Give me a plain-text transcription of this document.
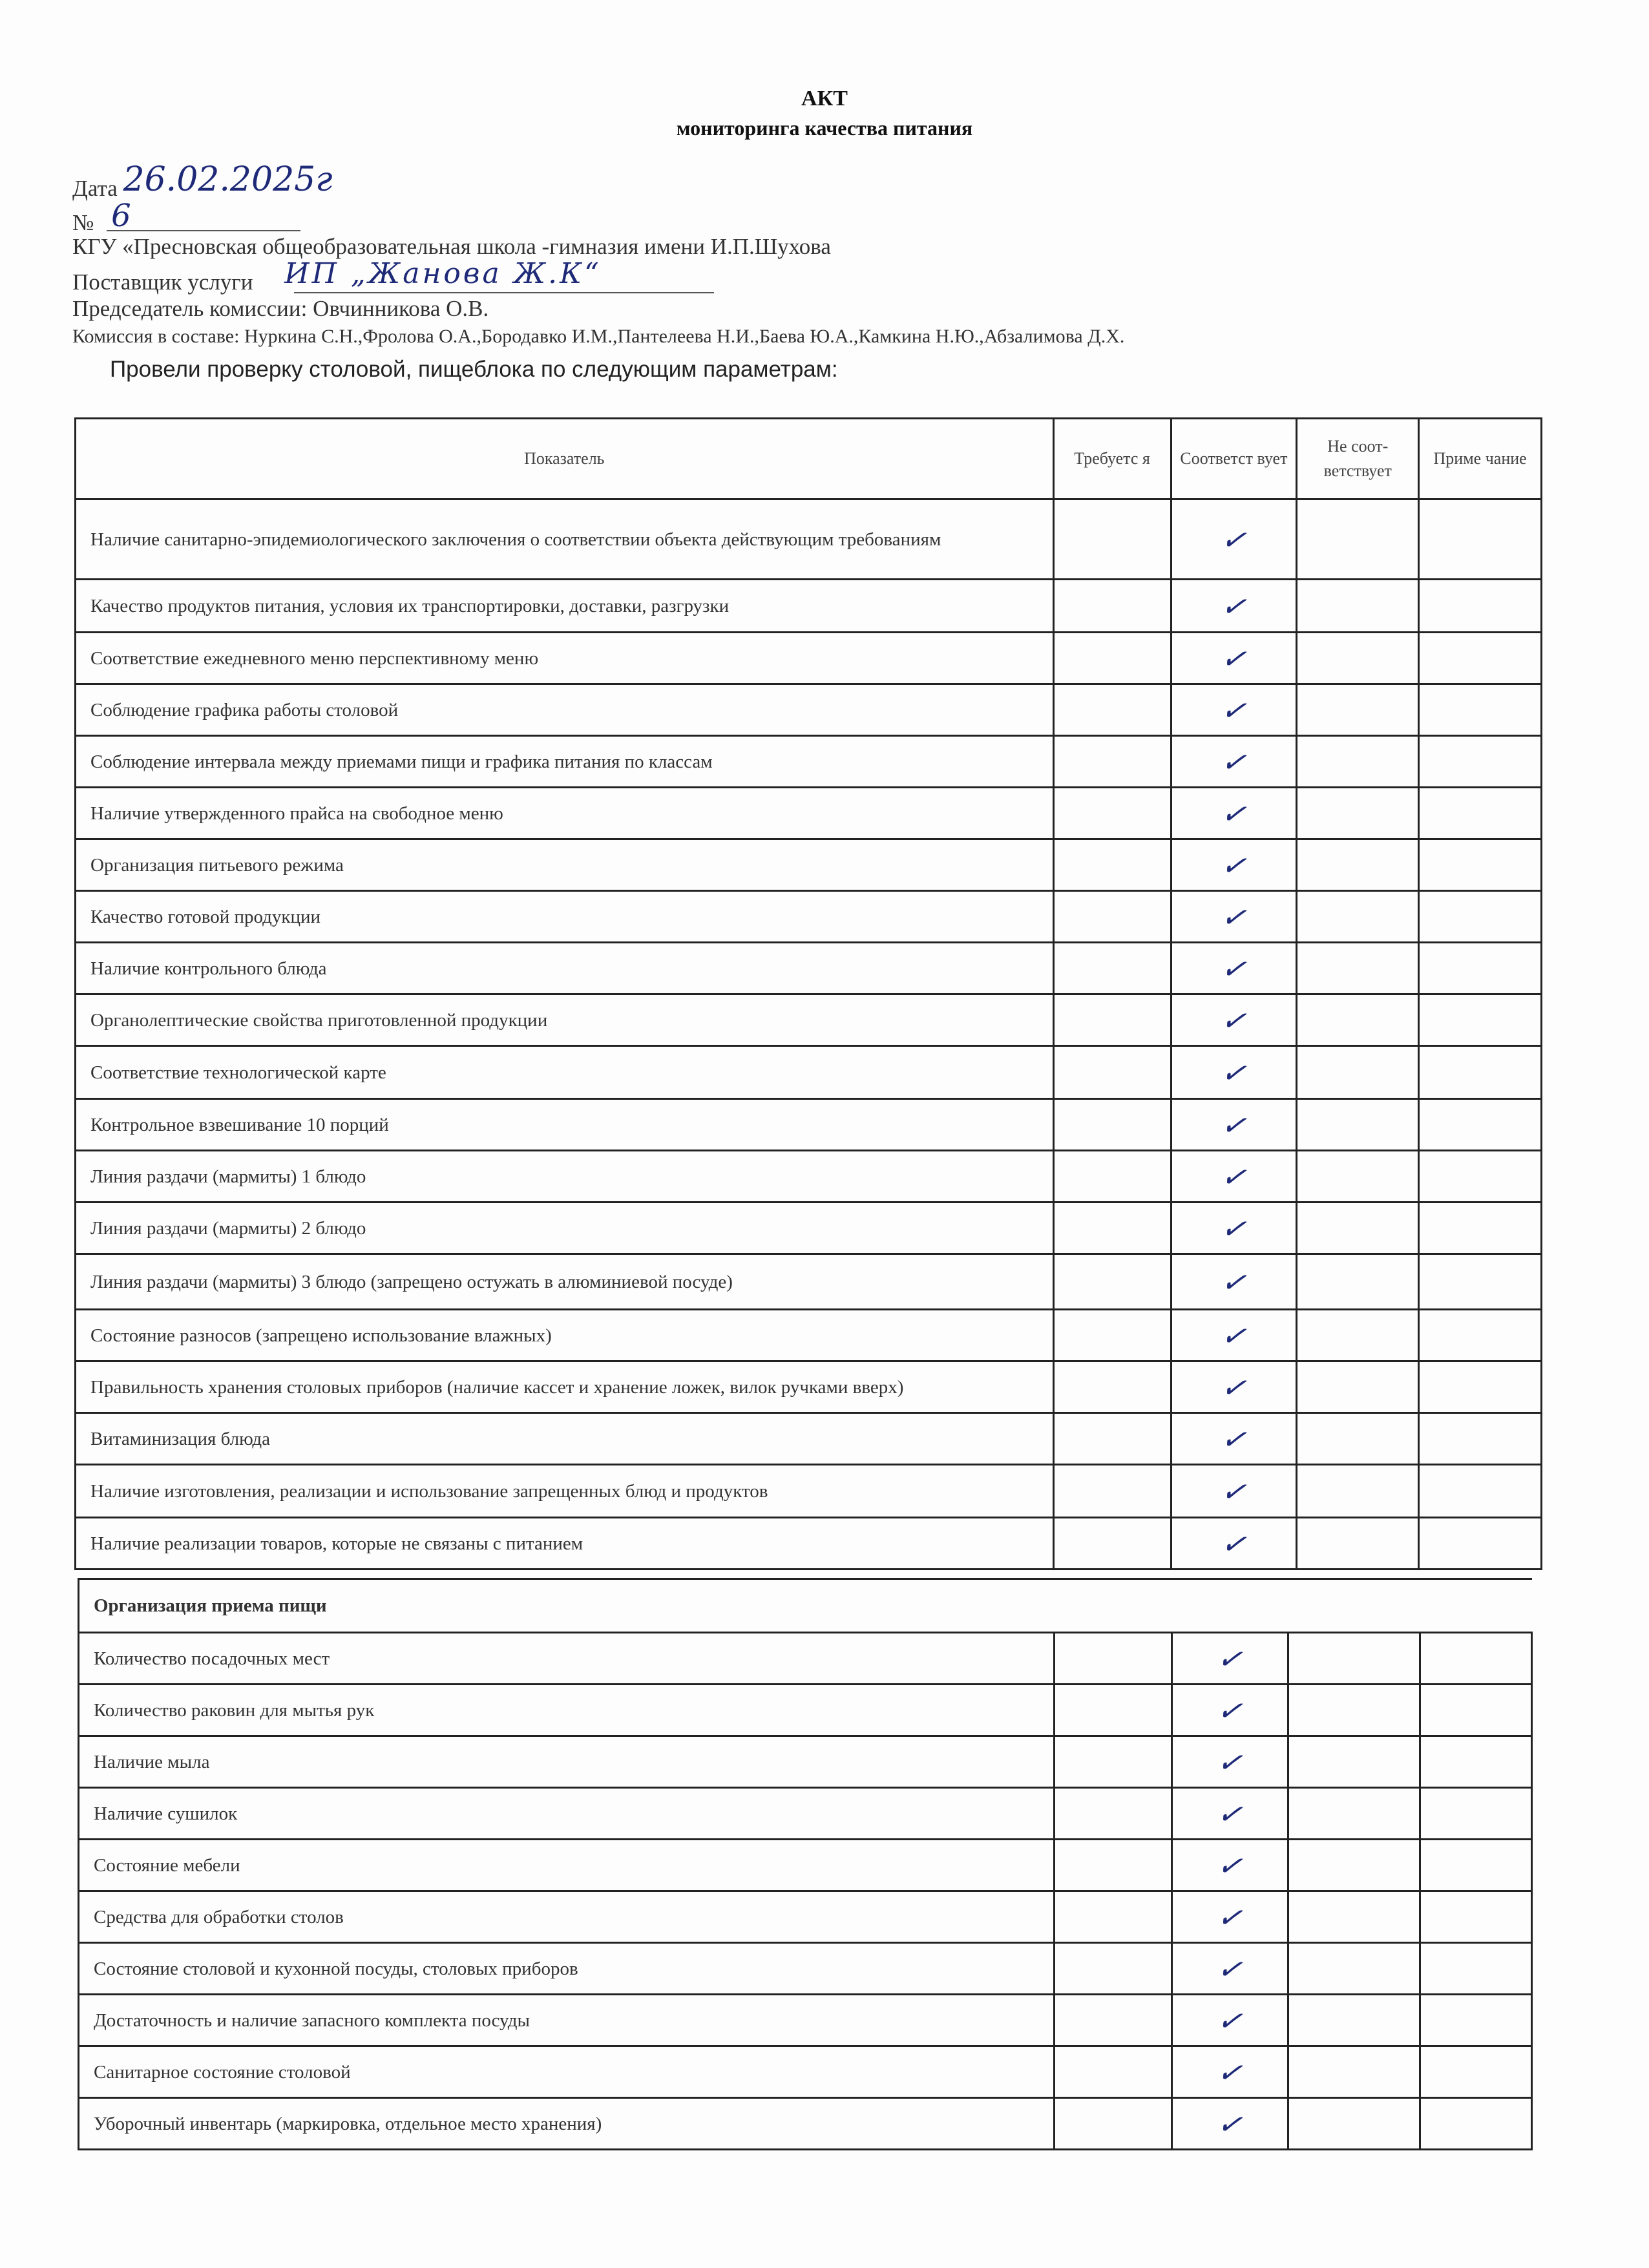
АКТ
мониторинга качества питания
Дата 26.02.2025г
№ 6
КГУ «Пресновская общеобразовательная школа -гимназия имени И.П.Шухова
Поставщик услуги ИП „Жанова Ж.К“
Председатель комиссии: Овчинникова О.В.
Комиссия в составе: Нуркина С.Н.,Фролова О.А.,Бородавко И.М.,Пантелеева Н.И.,Баева Ю.А.,Камкина Н.Ю.,Абзалимова Д.Х.
Провели проверку столовой, пищеблока по следующим параметрам:
Показатель	Требуетс я	Соответст вует	Не соот- ветствует	Приме чание
Наличие санитарно-эпидемиологического заключения о соответствии объекта действующим требованиям		✓		
Качество продуктов питания, условия их транспортировки, доставки, разгрузки		✓		
Соответствие ежедневного меню перспективному меню		✓		
Соблюдение графика работы столовой		✓		
Соблюдение интервала между приемами пищи и графика питания по классам		✓		
Наличие утвержденного прайса на свободное меню		✓		
Организация питьевого режима		✓		
Качество готовой продукции		✓		
Наличие контрольного блюда		✓		
Органолептические свойства приготовленной продукции		✓		
Соответствие технологической карте		✓		
Контрольное взвешивание 10 порций		✓		
Линия раздачи (мармиты) 1 блюдо		✓		
Линия раздачи (мармиты) 2 блюдо		✓		
Линия раздачи (мармиты) 3 блюдо (запрещено остужать в алюминиевой посуде)		✓		
Состояние разносов (запрещено использование влажных)		✓		
Правильность хранения столовых приборов (наличие кассет и хранение ложек, вилок ручками вверх)		✓		
Витаминизация блюда		✓		
Наличие изготовления, реализации и использование запрещенных блюд и продуктов		✓		
Наличие реализации товаров, которые не связаны с питанием		✓		
Организация приема пищи				
Количество посадочных мест		✓		
Количество раковин для мытья рук		✓		
Наличие мыла		✓		
Наличие сушилок		✓		
Состояние мебели		✓		
Средства для обработки столов		✓		
Состояние столовой и кухонной посуды, столовых приборов		✓		
Достаточность и наличие запасного комплекта посуды		✓		
Санитарное состояние столовой		✓		
Уборочный инвентарь (маркировка, отдельное место хранения)		✓		
